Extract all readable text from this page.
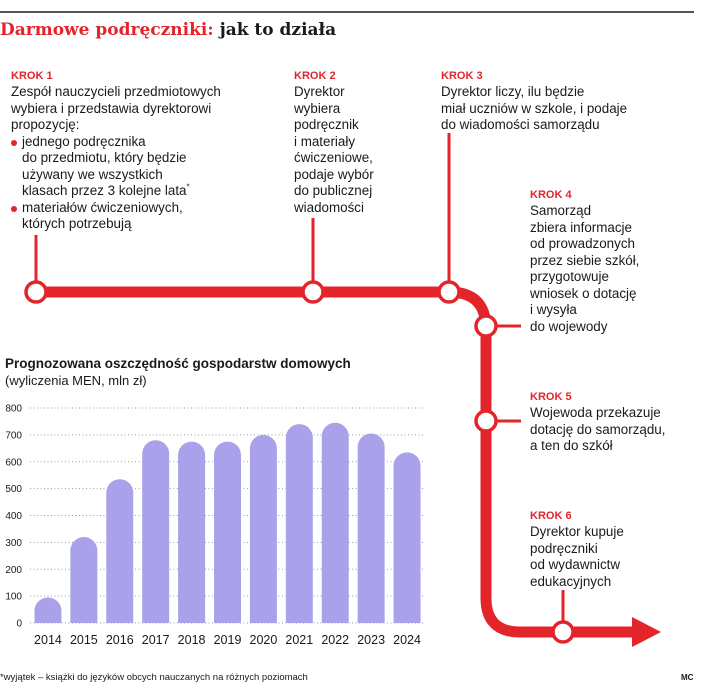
Darmowe podręczniki: jak to działa
KROK 1
Zespół nauczycieli przedmiotowych
wybiera i przedstawia dyrektorowi
propozycję:
jednego podręcznika
do przedmiotu, który będzie
używany we wszystkich
klasach przez 3 kolejne lata*
materiałów ćwiczeniowych,
których potrzebują
KROK 2
Dyrektor
wybiera
podręcznik
i materiały
ćwiczeniowe,
podaje wybór
do publicznej
wiadomości
KROK 3
Dyrektor liczy, ilu będzie
miał uczniów w szkole, i podaje
do wiadomości samorządu
KROK 4
Samorząd
zbiera informacje
od prowadzonych
przez siebie szkół,
przygotowuje
wniosek o dotację
i wysyła
do wojewody
KROK 5
Wojewoda przekazuje
dotację do samorządu,
a ten do szkół
KROK 6
Dyrektor kupuje
podręczniki
od wydawnictw
edukacyjnych
Prognozowana oszczędność gospodarstw domowych
(wyliczenia MEN, mln zł)
0
100
200
300
400
500
600
700
800
2014 2015 2016 2017 2018 2019 2020 2021 2022 2023 2024
*wyjątek – książki do języków obcych nauczanych na różnych poziomach	MC
